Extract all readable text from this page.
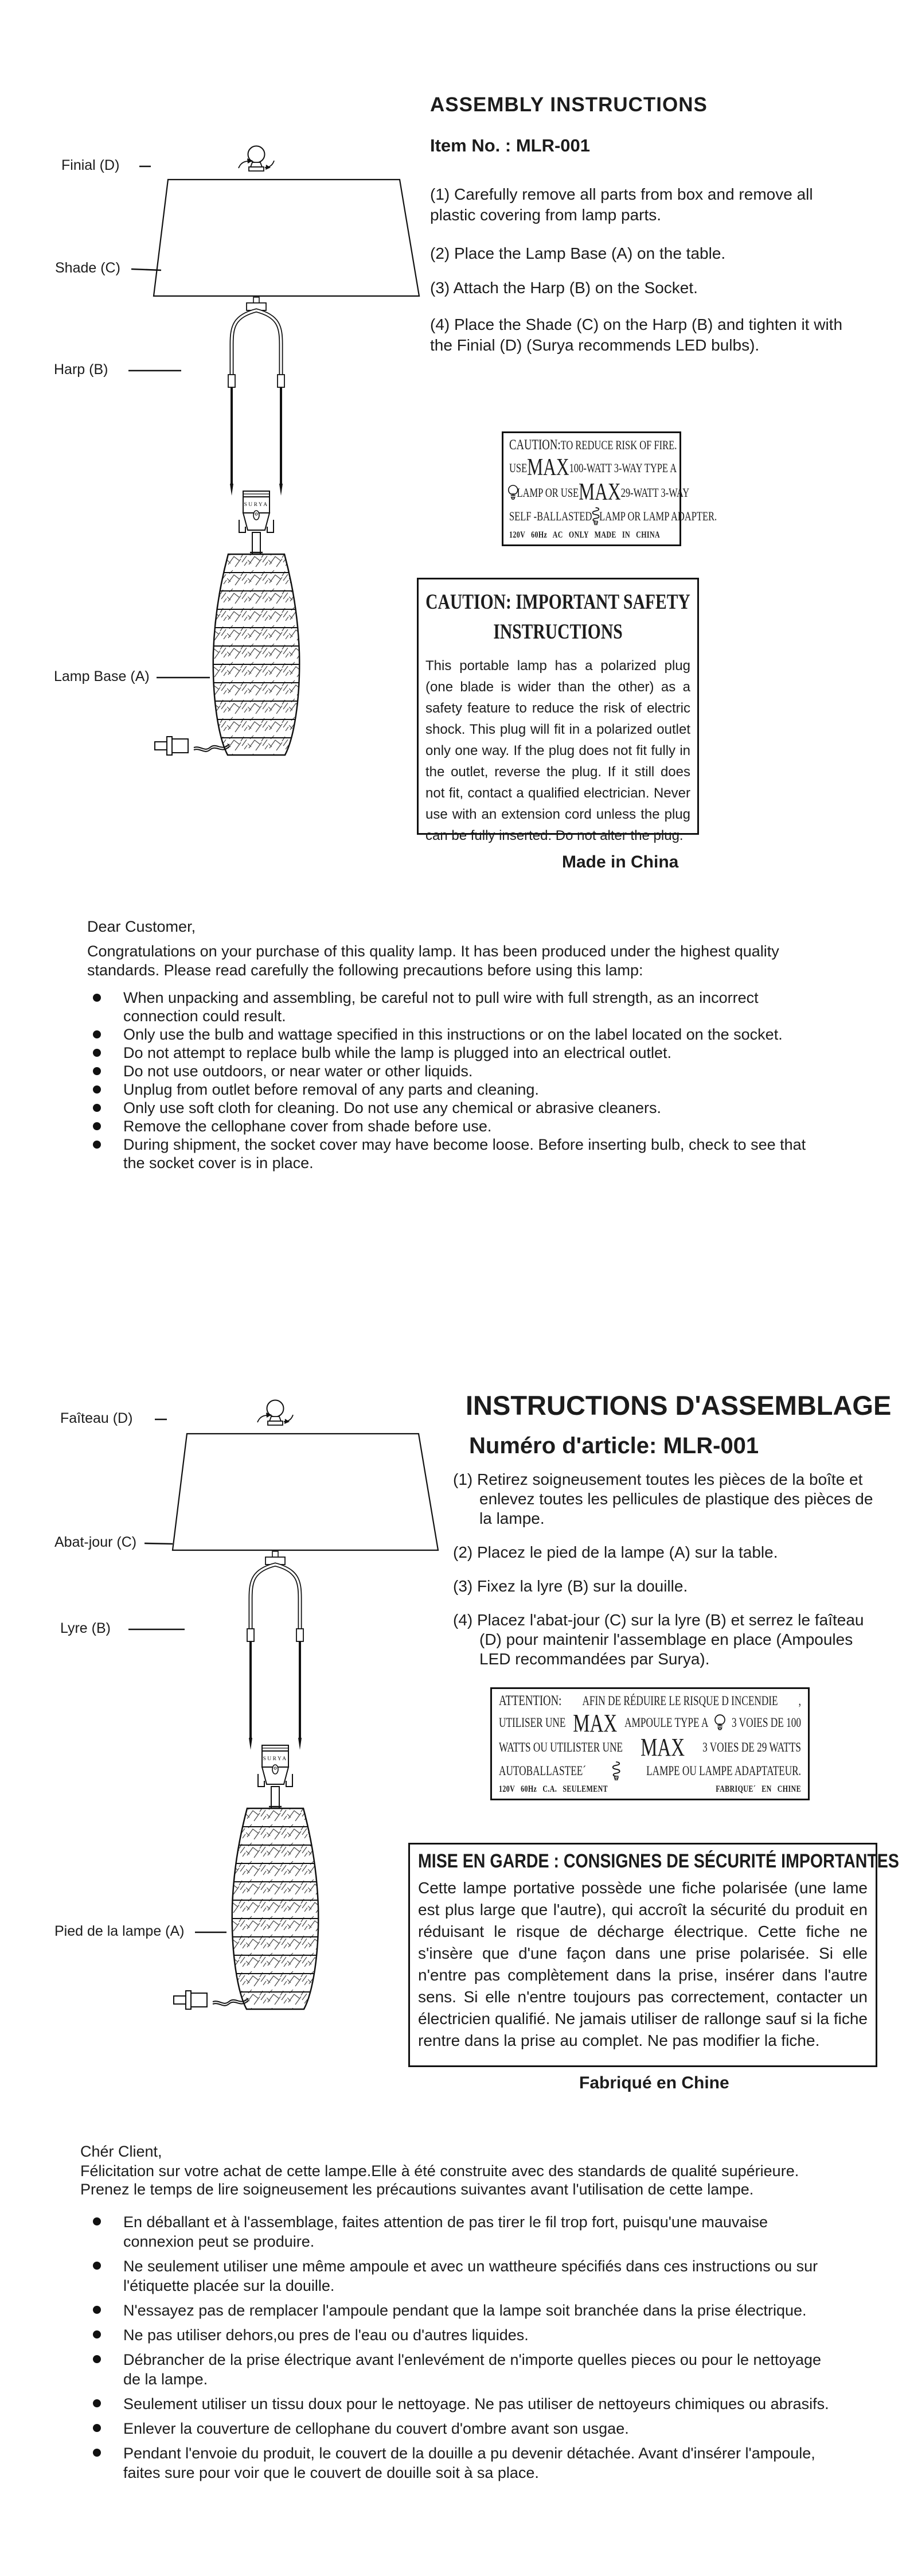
ASSEMBLY INSTRUCTIONS
Item No. : MLR-001
(1) Carefully remove all parts from box and remove all plastic covering from lamp parts.
(2) Place the Lamp Base (A) on the table.
(3) Attach the Harp (B) on the Socket.
(4) Place the Shade (C) on the Harp (B) and tighten it with the Finial (D) (Surya recommends LED bulbs).
Finial (D)
Shade (C)
Harp (B)
Lamp Base (A)
CAUTION: TO REDUCE RISK OF FIRE.
USE MAX 100-WATT 3-WAY TYPE A
LAMP OR USE MAX 29-WATT 3-WAY
SELF -BALLASTED LAMP OR LAMP ADAPTER.
120V 60Hz AC ONLY MADE IN CHINA
CAUTION: IMPORTANT SAFETY
INSTRUCTIONS
This portable lamp has a polarized plug (one blade is wider than the other) as a safety feature to reduce the risk of electric shock. This plug will fit in a polarized outlet only one way. If the plug does not fit fully in the outlet, reverse the plug. If it still does not fit, contact a qualified electrician. Never use with an extension cord unless the plug can be fully inserted. Do not alter the plug.
Made in China
Dear Customer,
Congratulations on your purchase of this quality lamp. It has been produced under the highest quality standards. Please read carefully the following precautions before using this lamp:
When unpacking and assembling, be careful not to pull wire with full strength, as an incorrect connection could result.
Only use the bulb and wattage specified in this instructions or on the label located on the socket.
Do not attempt to replace bulb while the lamp is plugged into an electrical outlet.
Do not use outdoors, or near water or other liquids.
Unplug from outlet before removal of any parts and cleaning.
Only use soft cloth for cleaning. Do not use any chemical or abrasive cleaners.
Remove the cellophane cover from shade before use.
During shipment, the socket cover may have become loose. Before inserting bulb, check to see that the socket cover is in place.
INSTRUCTIONS D'ASSEMBLAGE
Numéro d'article: MLR-001
(1) Retirez soigneusement toutes les pièces de la boîte et enlevez toutes les pellicules de plastique des pièces de la lampe.
(2) Placez le pied de la lampe (A) sur la table.
(3) Fixez la lyre (B) sur la douille.
(4) Placez l'abat-jour (C) sur la lyre (B) et serrez le faîteau (D) pour maintenir l'assemblage en place (Ampoules LED recommandées par Surya).
Faîteau (D)
Abat-jour (C)
Lyre (B)
Pied de la lampe (A)
ATTENTION: AFIN DE RÉDUIRE LE RISQUE D INCENDIE ,
UTILISER UNE MAX AMPOULE TYPE A 3 VOIES DE 100
WATTS OU UTILISTER UNE MAX 3 VOIES DE 29 WATTS
AUTOBALLASTEE´	LAMPE OU LAMPE ADAPTATEUR.
120V 60Hz C.A. SEULEMENT	FABRIQUE´ EN CHINE
MISE EN GARDE : CONSIGNES DE SÉCURITÉ IMPORTANTES
Cette lampe portative possède une fiche polarisée (une lame est plus large que l'autre), qui accroît la sécurité du produit en réduisant le risque de décharge électrique. Cette fiche ne s'insère que d'une façon dans une prise polarisée. Si elle n'entre pas complètement dans la prise, insérer dans l'autre sens. Si elle n'entre toujours pas correctement, contacter un électricien qualifié. Ne jamais utiliser de rallonge sauf si la fiche rentre dans la prise au complet. Ne pas modifier la fiche.
Fabriqué en Chine
Chér Client,
Félicitation sur votre achat de cette lampe.Elle à été construite avec des standards de qualité supérieure. Prenez le temps de lire soigneusement les précautions suivantes avant l'utilisation de cette lampe.
En déballant et à l'assemblage, faites attention de pas tirer le fil trop fort, puisqu'une mauvaise connexion peut se produire.
Ne seulement utiliser une même ampoule et avec un wattheure spécifiés dans ces instructions ou sur l'étiquette placée sur la douille.
N'essayez pas de remplacer l'ampoule pendant que la lampe soit branchée dans la prise électrique.
Ne pas utiliser dehors,ou pres de l'eau ou d'autres liquides.
Débrancher de la prise électrique avant l'enlevément de n'importe quelles pieces ou pour le nettoyage de la lampe.
Seulement utiliser un tissu doux pour le nettoyage. Ne pas utiliser de nettoyeurs chimiques ou abrasifs.
Enlever la couverture de cellophane du couvert d'ombre avant son usgae.
Pendant l'envoie du produit, le couvert de la douille a pu devenir détachée. Avant d'insérer l'ampoule, faites sure pour voir que le couvert de douille soit à sa place.
